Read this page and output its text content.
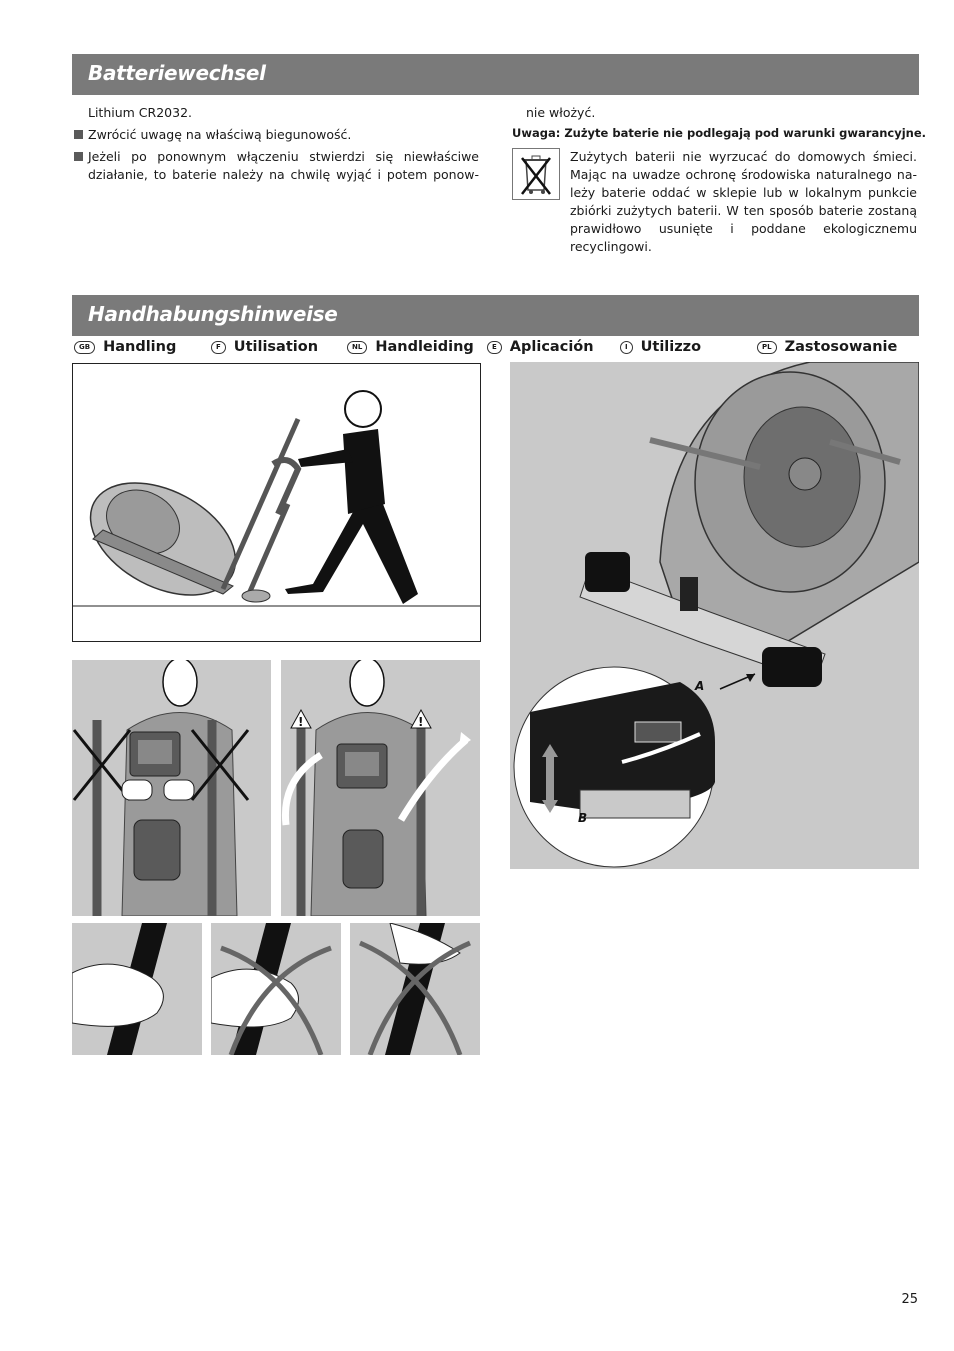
Batteriewechsel
Lithium CR2032.
Zwrócić uwagę na właściwą biegunowość.
Jeżeli po ponownym włączeniu stwierdzi się niewłaściwe
działanie, to baterie należy na chwilę wyjąć i potem ponow-
nie włożyć.
Uwaga: Zużyte baterie nie podlegają pod warunki gwarancyjne.
Zużytych baterii nie wyrzucać do domowych śmieci.
Mając na uwadze ochronę środowiska naturalnego na-
leży baterie oddać w sklepie lub w lokalnym punkcie
zbiórki zużytych baterii. W ten sposób baterie zostaną
prawidłowo usunięte i poddane ekologicznemu
recyclingowi.
Handhabungshinweise
GB Handling	F Utilisation	NL Handleiding	E Aplicación	I Utilizzo	PL Zastosowanie
!	!
A
B
25
